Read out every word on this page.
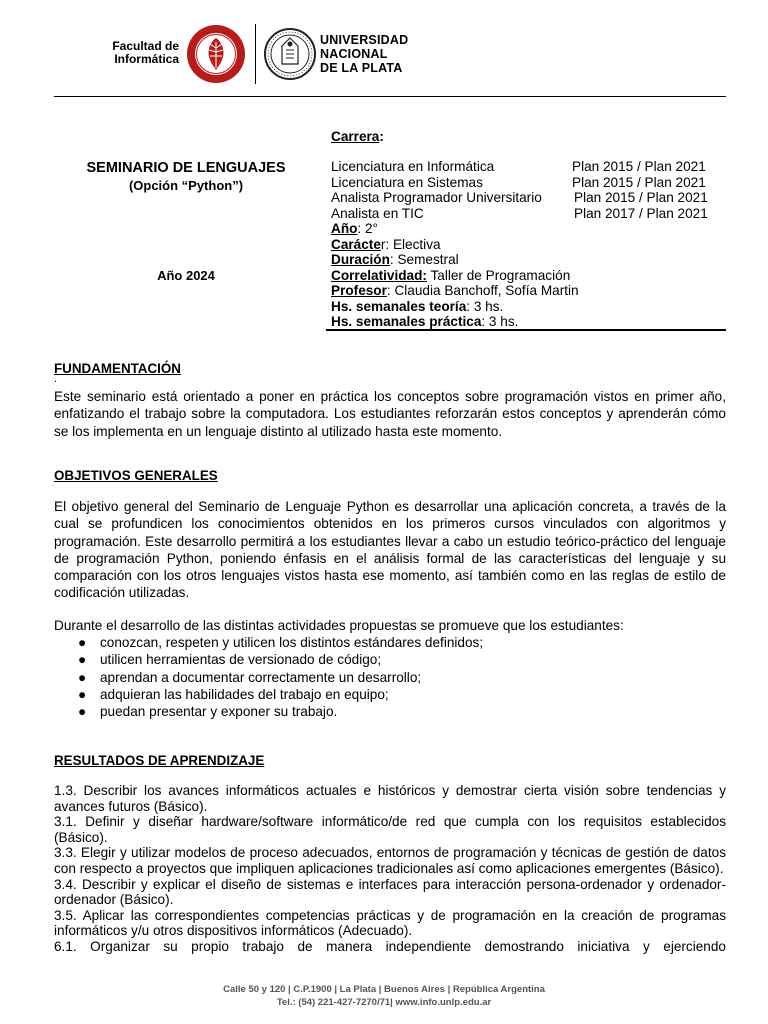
Facultad de
Informática
UNIVERSIDAD
NACIONAL
DE LA PLATA
SEMINARIO DE LENGUAJES
(Opción “Python”)
Año 2024
Carrera:
Licenciatura en Informática	Plan 2015 / Plan 2021
Licenciatura en Sistemas	Plan 2015 / Plan 2021
Analista Programador Universitario Plan 2015 / Plan 2021
Analista en TIC	Plan 2017 / Plan 2021
Año: 2°
Carácter: Electiva
Duración: Semestral
Correlatividad: Taller de Programación
Profesor: Claudia Banchoff, Sofía Martin
Hs. semanales teoría: 3 hs.
Hs. semanales práctica: 3 hs.
FUNDAMENTACIÓN
.
Este seminario está orientado a poner en práctica los conceptos sobre programación vistos en primer año, enfatizando el trabajo sobre la computadora. Los estudiantes reforzarán estos conceptos y aprenderán cómo se los implementa en un lenguaje distinto al utilizado hasta este momento.
OBJETIVOS GENERALES
El objetivo general del Seminario de Lenguaje Python es desarrollar una aplicación concreta, a través de la cual se profundicen los conocimientos obtenidos en los primeros cursos vinculados con algoritmos y programación. Este desarrollo permitirá a los estudiantes llevar a cabo un estudio teórico-práctico del lenguaje de programación Python, poniendo énfasis en el análisis formal de las características del lenguaje y su comparación con los otros lenguajes vistos hasta ese momento, así también como en las reglas de estilo de codificación utilizadas.
Durante el desarrollo de las distintas actividades propuestas se promueve que los estudiantes:
●	conozcan, respeten y utilicen los distintos estándares definidos;
●	utilicen herramientas de versionado de código;
●	aprendan a documentar correctamente un desarrollo;
●	adquieran las habilidades del trabajo en equipo;
●	puedan presentar y exponer su trabajo.
RESULTADOS DE APRENDIZAJE

1.3. Describir los avances informáticos actuales e históricos y demostrar cierta visión sobre tendencias y avances futuros (Básico).

3.1. Definir y diseñar hardware/software informático/de red que cumpla con los requisitos establecidos (Básico).

3.3. Elegir y utilizar modelos de proceso adecuados, entornos de programación y técnicas de gestión de datos con respecto a proyectos que impliquen aplicaciones tradicionales así como aplicaciones emergentes (Básico).

3.4. Describir y explicar el diseño de sistemas e interfaces para interacción persona-ordenador y ordenador-ordenador (Básico).

3.5. Aplicar las correspondientes competencias prácticas y de programación en la creación de programas informáticos y/u otros dispositivos informáticos (Adecuado).

6.1. Organizar su propio trabajo de manera independiente demostrando iniciativa y ejerciendo

Calle 50 y 120 | C.P.1900 | La Plata | Buenos Aires | República Argentina
Tel.: (54) 221-427-7270/71| www.info.unlp.edu.ar
